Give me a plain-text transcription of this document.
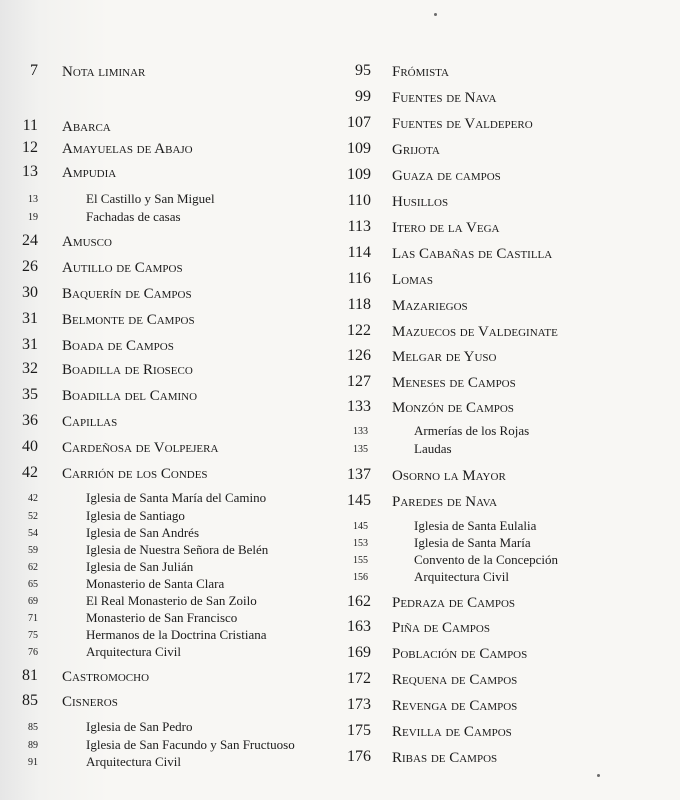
7 Nota liminar
11 Abarca
12 Amayuelas de Abajo
13 Ampudia
13	El Castillo y San Miguel
19	Fachadas de casas
24 Amusco
26 Autillo de Campos
30 Baquerín de Campos
31 Belmonte de Campos
31 Boada de Campos
32 Boadilla de Rioseco
35 Boadilla del Camino
36 Capillas
40 Cardeñosa de Volpejera
42 Carrión de los Condes
42	Iglesia de Santa María del Camino
52	Iglesia de Santiago
54	Iglesia de San Andrés
59	Iglesia de Nuestra Señora de Belén
62	Iglesia de San Julián
65	Monasterio de Santa Clara
69	El Real Monasterio de San Zoilo
71	Monasterio de San Francisco
75	Hermanos de la Doctrina Cristiana
76	Arquitectura Civil
81 Castromocho
85 Cisneros
85	Iglesia de San Pedro
89	Iglesia de San Facundo y San Fructuoso
91	Arquitectura Civil
95 Frómista
99 Fuentes de Nava
107 Fuentes de Valdepero
109 Grijota
109 Guaza de campos
110 Husillos
113 Itero de la Vega
114 Las Cabañas de Castilla
116 Lomas
118 Mazariegos
122 Mazuecos de Valdeginate
126 Melgar de Yuso
127 Meneses de Campos
133 Monzón de Campos
133	Armerías de los Rojas
135	Laudas
137 Osorno la Mayor
145 Paredes de Nava
145	Iglesia de Santa Eulalia
153	Iglesia de Santa María
155	Convento de la Concepción
156	Arquitectura Civil
162 Pedraza de Campos
163 Piña de Campos
169 Población de Campos
172 Requena de Campos
173 Revenga de Campos
175 Revilla de Campos
176 Ribas de Campos
